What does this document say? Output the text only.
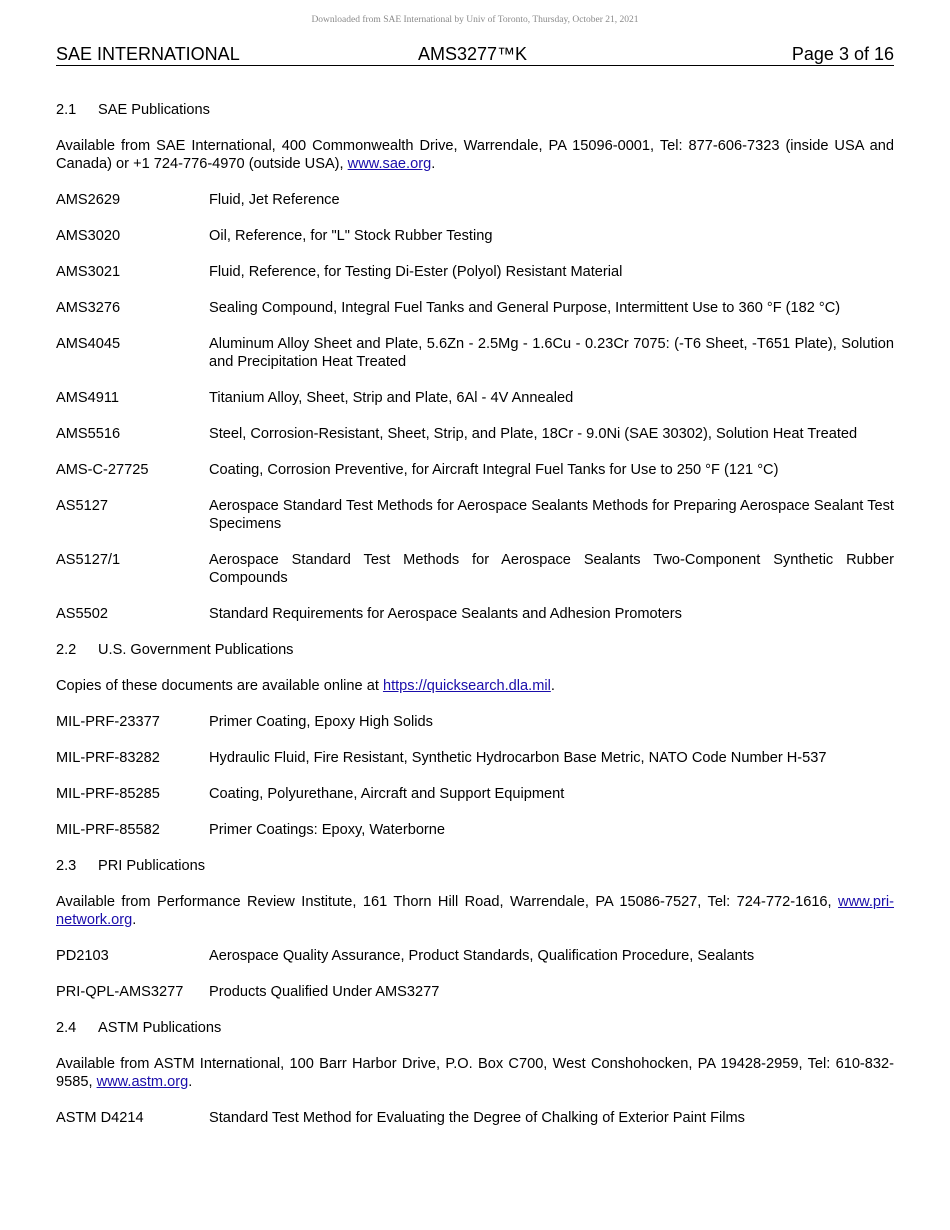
Downloaded from SAE International by Univ of Toronto, Thursday, October 21, 2021
SAE INTERNATIONAL	AMS3277™K	Page 3 of 16
2.1 SAE Publications

Available from SAE International, 400 Commonwealth Drive, Warrendale, PA 15096-0001, Tel: 877-606-7323 (inside USA and Canada) or +1 724-776-4970 (outside USA), www.sae.org.

AMS2629	Fluid, Jet Reference
AMS3020	Oil, Reference, for "L" Stock Rubber Testing
AMS3021	Fluid, Reference, for Testing Di-Ester (Polyol) Resistant Material
AMS3276	Sealing Compound, Integral Fuel Tanks and General Purpose, Intermittent Use to 360 °F (182 °C)
AMS4045	Aluminum Alloy Sheet and Plate, 5.6Zn - 2.5Mg - 1.6Cu - 0.23Cr 7075: (-T6 Sheet, -T651 Plate), Solution and Precipitation Heat Treated
AMS4911	Titanium Alloy, Sheet, Strip and Plate, 6Al - 4V Annealed
AMS5516	Steel, Corrosion-Resistant, Sheet, Strip, and Plate, 18Cr - 9.0Ni (SAE 30302), Solution Heat Treated
AMS-C-27725	Coating, Corrosion Preventive, for Aircraft Integral Fuel Tanks for Use to 250 °F (121 °C)
AS5127	Aerospace Standard Test Methods for Aerospace Sealants Methods for Preparing Aerospace Sealant Test Specimens
AS5127/1	Aerospace Standard Test Methods for Aerospace Sealants Two-Component Synthetic Rubber Compounds
AS5502	Standard Requirements for Aerospace Sealants and Adhesion Promoters
2.2 U.S. Government Publications

Copies of these documents are available online at https://quicksearch.dla.mil.

MIL-PRF-23377	Primer Coating, Epoxy High Solids
MIL-PRF-83282	Hydraulic Fluid, Fire Resistant, Synthetic Hydrocarbon Base Metric, NATO Code Number H-537
MIL-PRF-85285	Coating, Polyurethane, Aircraft and Support Equipment
MIL-PRF-85582	Primer Coatings: Epoxy, Waterborne
2.3 PRI Publications

Available from Performance Review Institute, 161 Thorn Hill Road, Warrendale, PA 15086-7527, Tel: 724-772-1616, www.pri-network.org.

PD2103	Aerospace Quality Assurance, Product Standards, Qualification Procedure, Sealants
PRI-QPL-AMS3277	Products Qualified Under AMS3277
2.4 ASTM Publications

Available from ASTM International, 100 Barr Harbor Drive, P.O. Box C700, West Conshohocken, PA 19428-2959, Tel: 610-832-9585, www.astm.org.

ASTM D4214	Standard Test Method for Evaluating the Degree of Chalking of Exterior Paint Films
